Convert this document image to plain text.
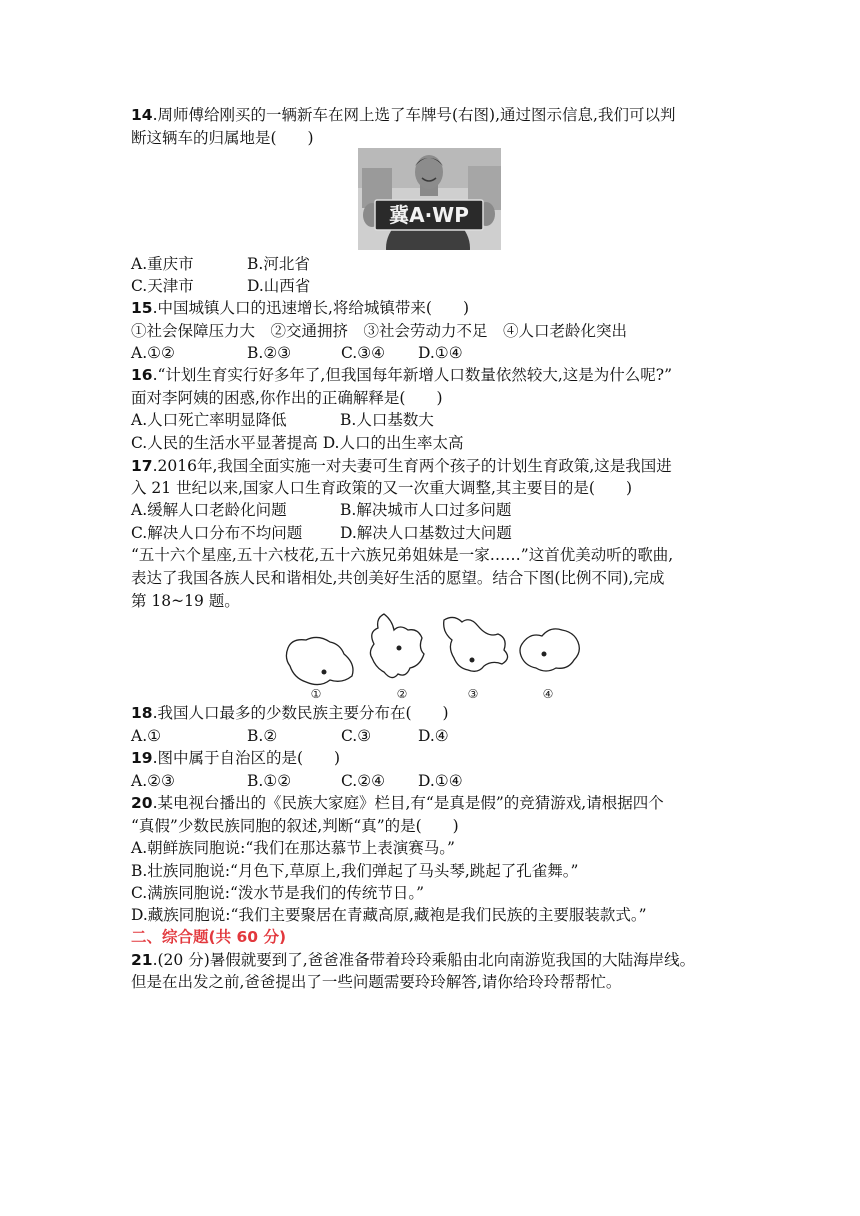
14.周师傅给刚买的一辆新车在网上选了车牌号(右图),通过图示信息,我们可以判
断这辆车的归属地是(　　)
冀A·WP
A.重庆市	B.河北省
C.天津市	D.山西省
15.中国城镇人口的迅速增长,将给城镇带来(　　)
①社会保障压力大　②交通拥挤　③社会劳动力不足　④人口老龄化突出
A.①②	B.②③	C.③④ D.①④
16.“计划生育实行好多年了,但我国每年新增人口数量依然较大,这是为什么呢?”
面对李阿姨的困惑,你作出的正确解释是(　　)
A.人口死亡率明显降低	B.人口基数大
C.人民的生活水平显著提高 D.人口的出生率太高
17.2016年,我国全面实施一对夫妻可生育两个孩子的计划生育政策,这是我国进
入 21 世纪以来,国家人口生育政策的又一次重大调整,其主要目的是(　　)
A.缓解人口老龄化问题	B.解决城市人口过多问题
C.解决人口分布不均问题 D.解决人口基数过大问题
“五十六个星座,五十六枝花,五十六族兄弟姐妹是一家……”这首优美动听的歌曲,
表达了我国各族人民和谐相处,共创美好生活的愿望。结合下图(比例不同),完成
第 18~19 题。
①	②	③	④
18.我国人口最多的少数民族主要分布在(　　)
A.①	B.②	C.③	D.④
19.图中属于自治区的是(　　)
A.②③	B.①②	C.②④ D.①④
20.某电视台播出的《民族大家庭》栏目,有“是真是假”的竞猜游戏,请根据四个
“真假”少数民族同胞的叙述,判断“真”的是(　　)
A.朝鲜族同胞说:“我们在那达慕节上表演赛马。”
B.壮族同胞说:“月色下,草原上,我们弹起了马头琴,跳起了孔雀舞。”
C.满族同胞说:“泼水节是我们的传统节日。”
D.藏族同胞说:“我们主要聚居在青藏高原,藏袍是我们民族的主要服装款式。”
二、综合题(共 60 分)
21.(20 分)暑假就要到了,爸爸准备带着玲玲乘船由北向南游览我国的大陆海岸线。
但是在出发之前,爸爸提出了一些问题需要玲玲解答,请你给玲玲帮帮忙。
